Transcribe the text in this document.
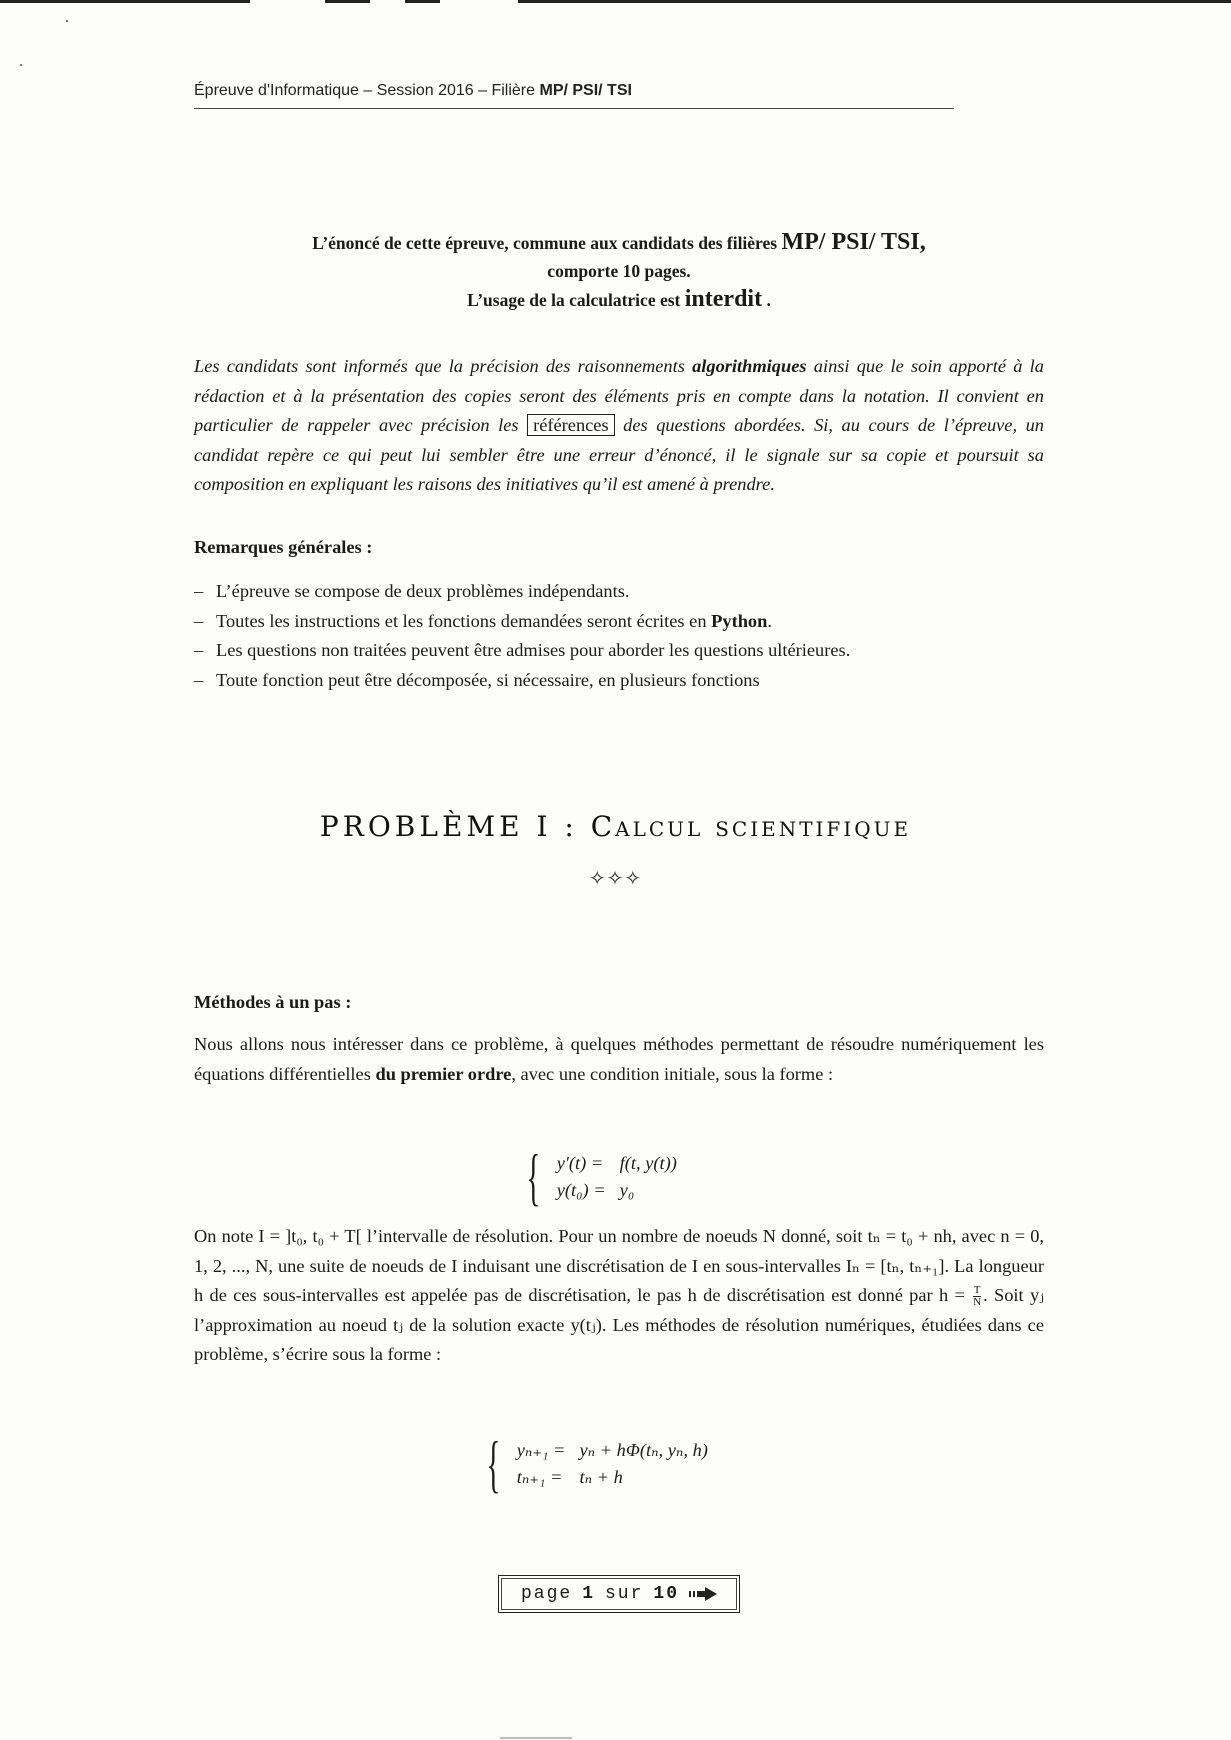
Épreuve d'Informatique – Session 2016 – Filière MP/ PSI/ TSI
L’énoncé de cette épreuve, commune aux candidats des filières MP/ PSI/ TSI,
comporte 10 pages.
L’usage de la calculatrice est interdit .
Les candidats sont informés que la précision des raisonnements algorithmiques ainsi que le soin apporté à la rédaction et à la présentation des copies seront des éléments pris en compte dans la notation. Il convient en particulier de rappeler avec précision les références des questions abordées. Si, au cours de l’épreuve, un candidat repère ce qui peut lui sembler être une erreur d’énoncé, il le signale sur sa copie et poursuit sa composition en expliquant les raisons des initiatives qu’il est amené à prendre.
Remarques générales :
– L’épreuve se compose de deux problèmes indépendants.
– Toutes les instructions et les fonctions demandées seront écrites en Python.
– Les questions non traitées peuvent être admises pour aborder les questions ultérieures.
– Toute fonction peut être décomposée, si nécessaire, en plusieurs fonctions
PROBLÈME I : Calcul scientifique
✧✧✧
Méthodes à un pas :
Nous allons nous intéresser dans ce problème, à quelques méthodes permettant de résoudre numériquement les équations différentielles du premier ordre, avec une condition initiale, sous la forme :
{ y′(t) = f(t, y(t))
y(t₀) = y₀
On note I = ]t₀, t₀ + T[ l’intervalle de résolution. Pour un nombre de noeuds N donné, soit tₙ = t₀ + nh, avec n = 0, 1, 2, ..., N, une suite de noeuds de I induisant une discrétisation de I en sous-intervalles Iₙ = [tₙ, tₙ₊₁]. La longueur h de ces sous-intervalles est appelée pas de discrétisation, le pas h de discrétisation est donné par $h = \frac{T}{N}$ . Soit yⱼ l’approximation au noeud tⱼ de la solution exacte y(tⱼ). Les méthodes de résolution numériques, étudiées dans ce problème, s’écrire sous la forme :
{ yₙ₊₁ = yₙ + hΦ(tₙ, yₙ, h)
tₙ₊₁ = tₙ + h
page 1 sur 10
